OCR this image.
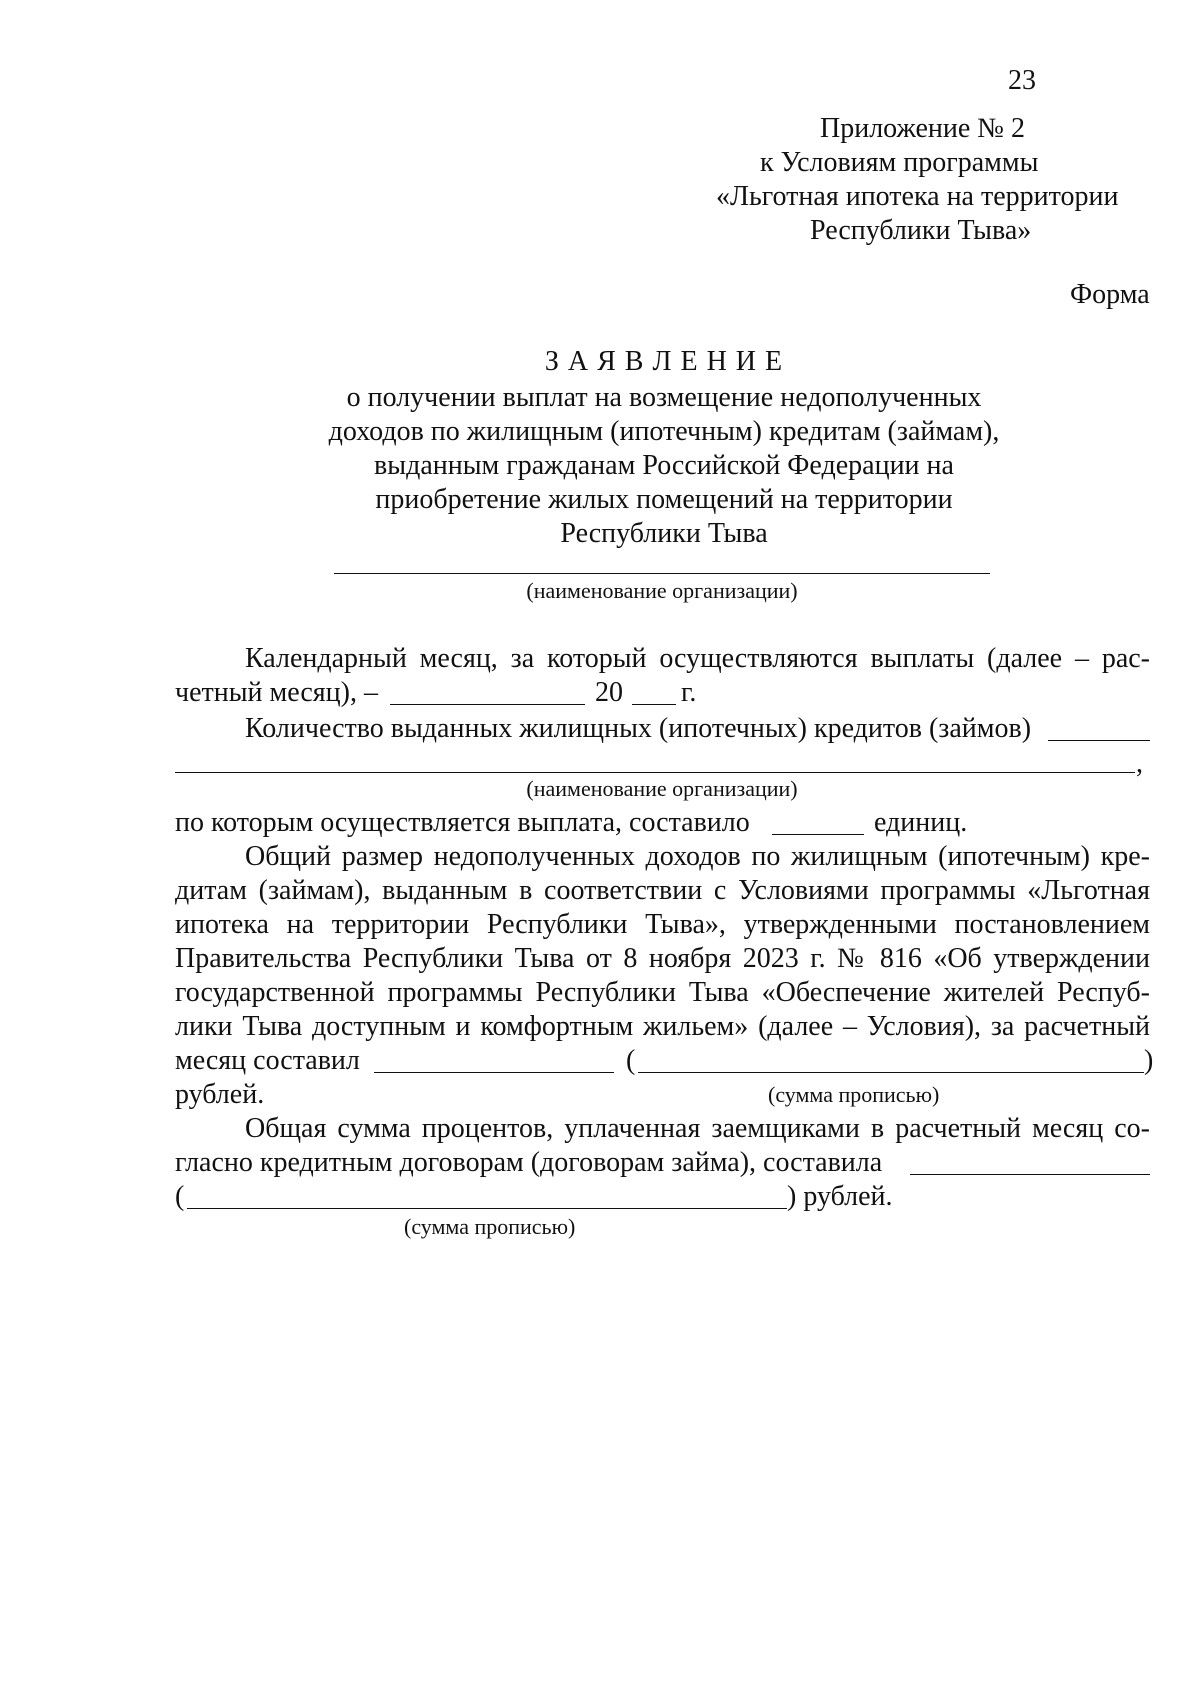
23
Приложение № 2
к Условиям программы
«Льготная ипотека на территории
Республики Тыва»
Форма
З А Я В Л Е Н И Е
о получении выплат на возмещение недополученных
доходов по жилищным (ипотечным) кредитам (займам),
выданным гражданам Российской Федерации на
приобретение жилых помещений на территории
Республики Тыва
(наименование организации)
Календарный месяц, за который осуществляются выплаты (далее – рас-
четный месяц), –	20 г.
Количество выданных жилищных (ипотечных) кредитов (займов)
,
(наименование организации)
по которым осуществляется выплата, составило	единиц.
Общий размер недополученных доходов по жилищным (ипотечным) кре-
дитам (займам), выданным в соответствии с Условиями программы «Льготная
ипотека на территории Республики Тыва», утвержденными постановлением
Правительства Республики Тыва от 8 ноября 2023 г. № 816 «Об утверждении
государственной программы Республики Тыва «Обеспечение жителей Респуб-
лики Тыва доступным и комфортным жильем» (далее – Условия), за расчетный
месяц составил	(	)
рублей.	(сумма прописью)
Общая сумма процентов, уплаченная заемщиками в расчетный месяц со-
гласно кредитным договорам (договорам займа), составила
(	) рублей.
(сумма прописью)
